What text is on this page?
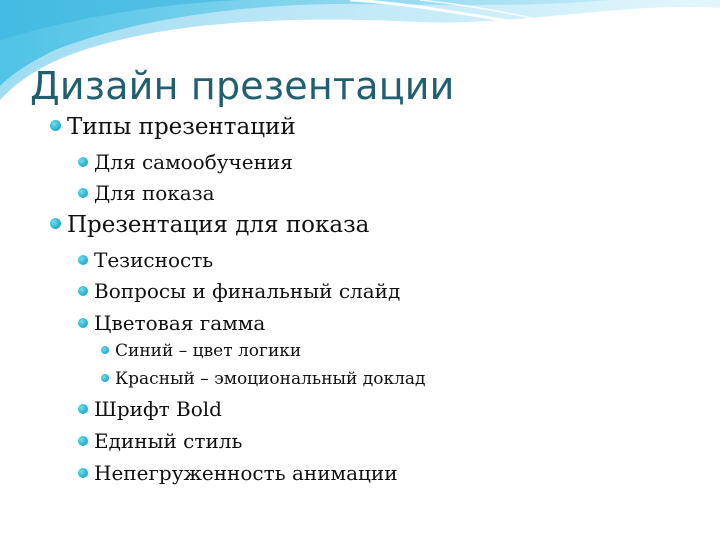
Дизайн презентации
Типы презентаций
Для самообучения
Для показа
Презентация для показа
Тезисность
Вопросы и финальный слайд
Цветовая гамма
Синий – цвет логики
Красный – эмоциональный доклад
Шрифт Bold
Единый стиль
Непегруженность анимации
